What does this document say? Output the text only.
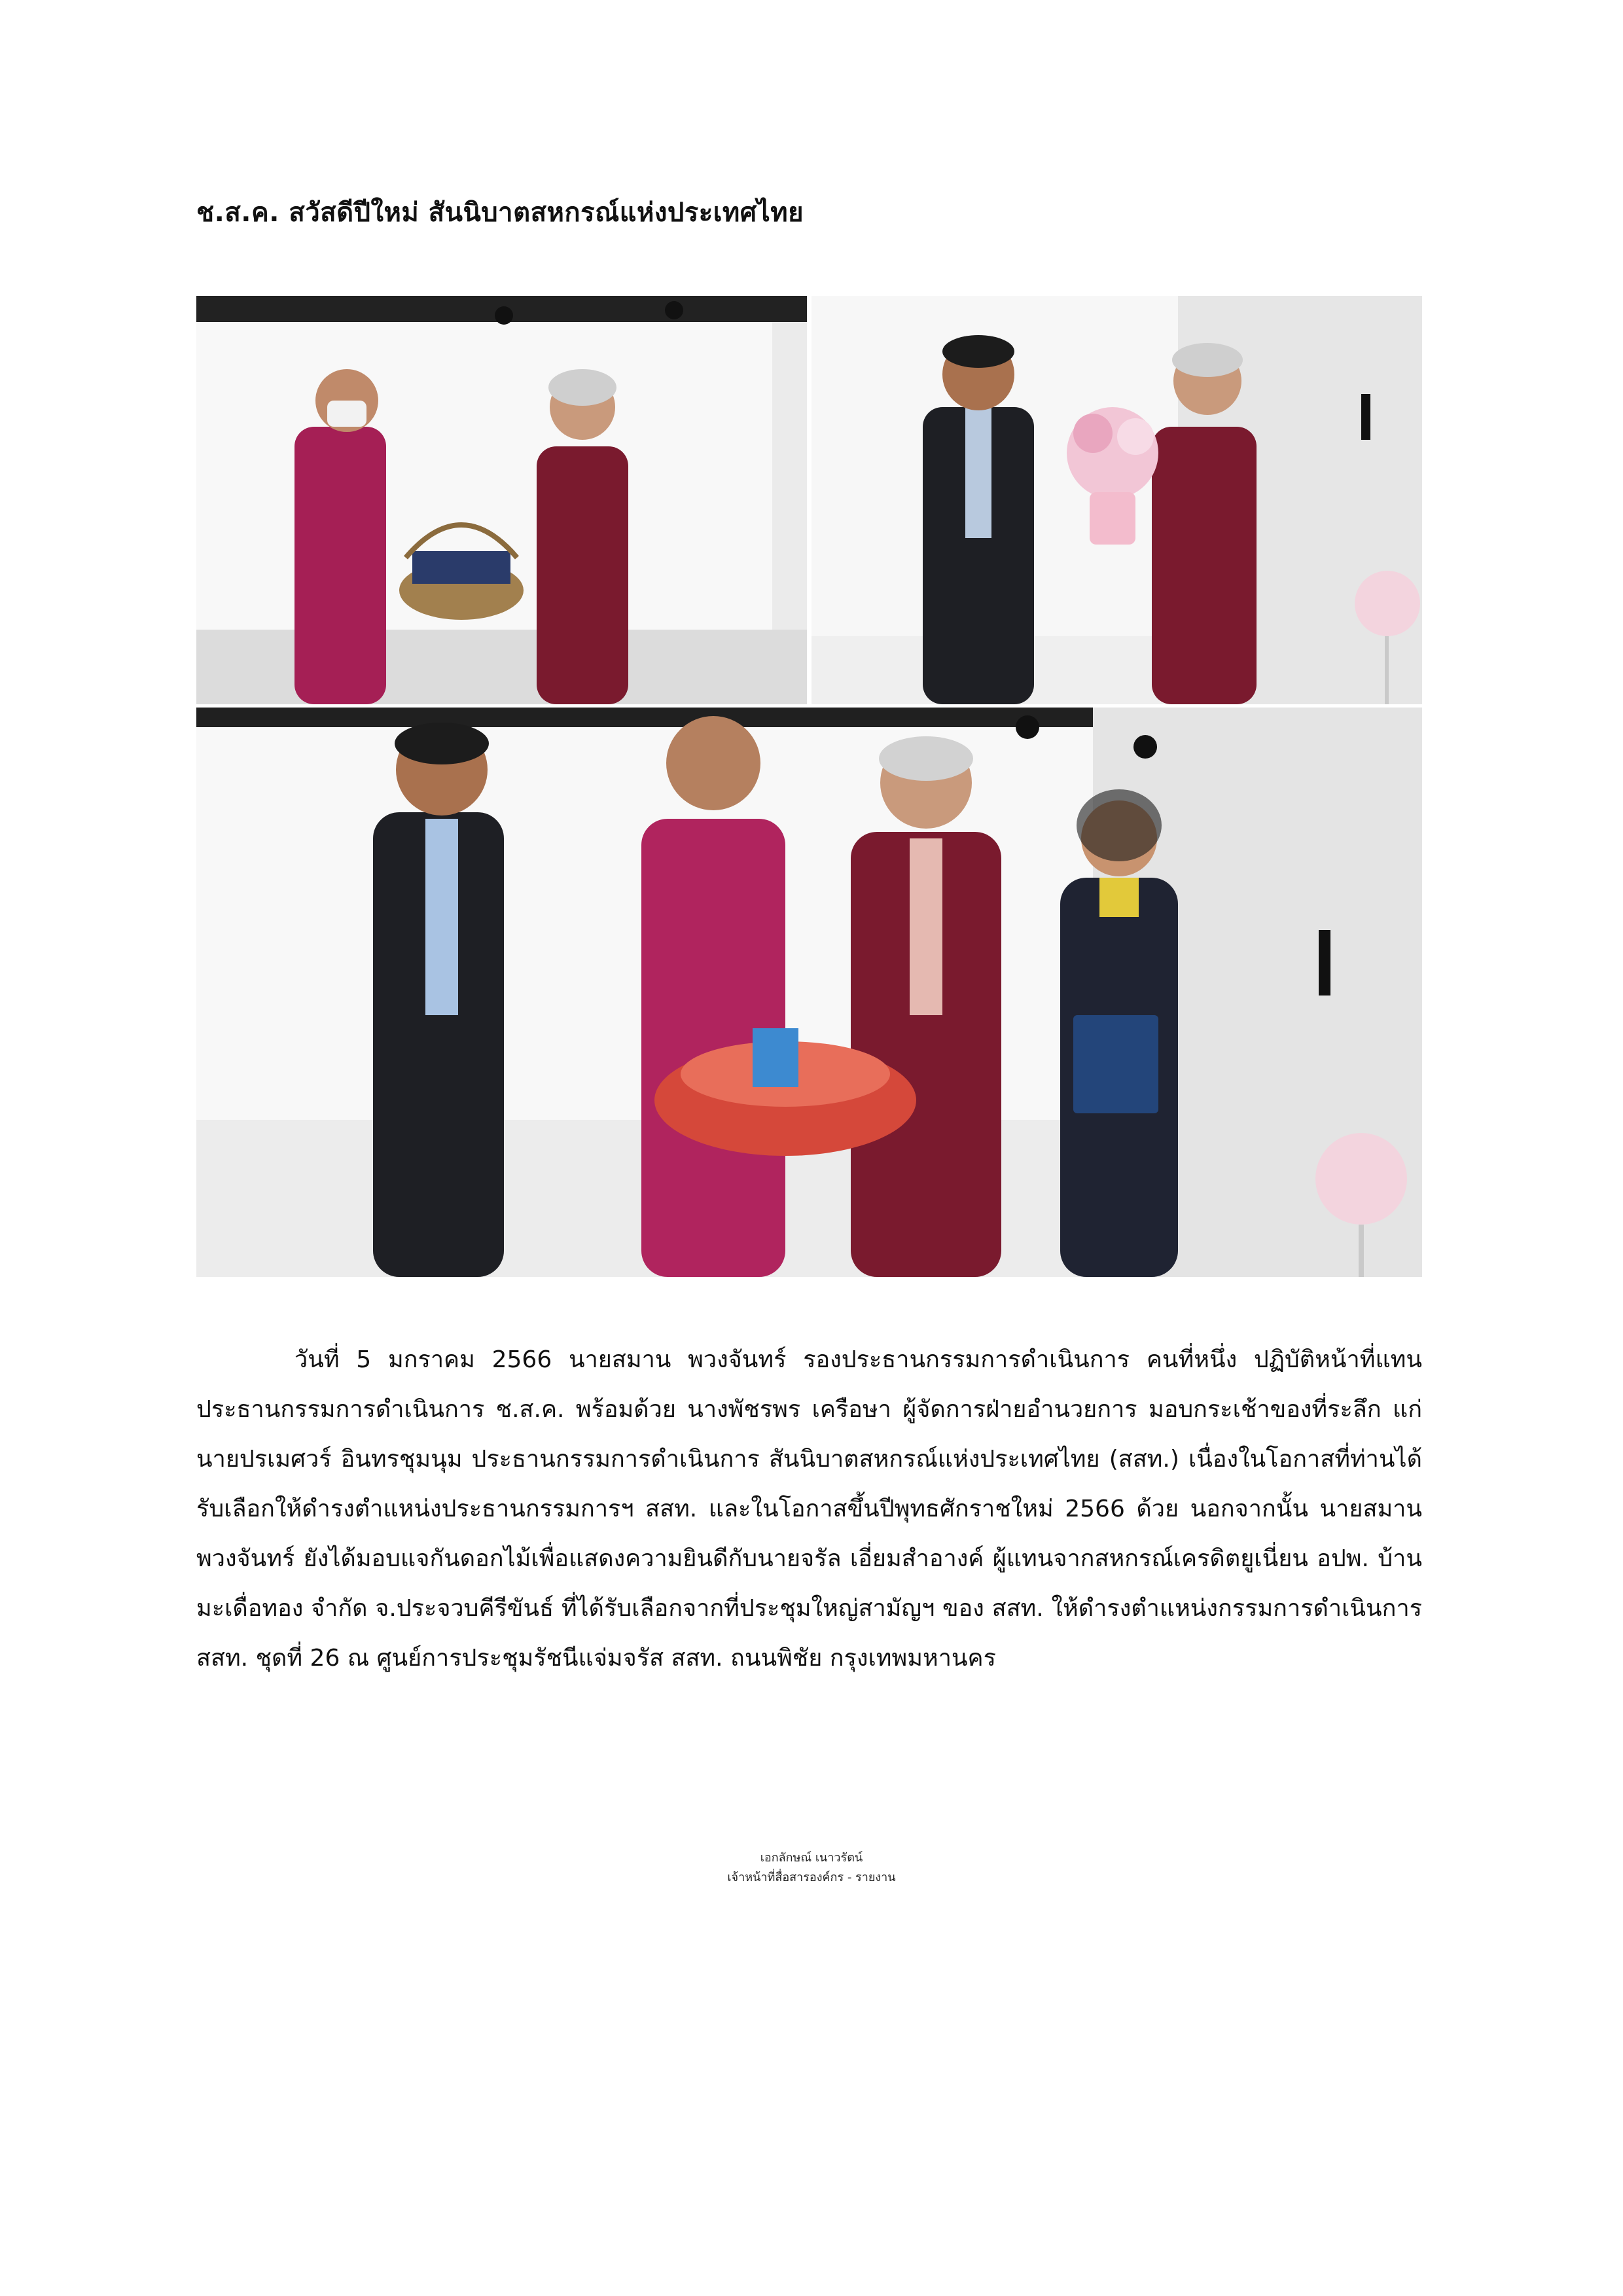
ช.ส.ค. สวัสดีปีใหม่ สันนิบาตสหกรณ์แห่งประเทศไทย

วันที่ 5 มกราคม 2566 นายสมาน พวงจันทร์ รองประธานกรรมการดำเนินการ คนที่หนึ่ง ปฏิบัติหน้าที่แทนประธานกรรมการดำเนินการ ช.ส.ค. พร้อมด้วย นางพัชรพร เครือษา ผู้จัดการฝ่ายอำนวยการ มอบกระเช้าของที่ระลึก แก่นายปรเมศวร์ อินทรชุมนุม ประธานกรรมการดำเนินการ สันนิบาตสหกรณ์แห่งประเทศไทย (สสท.) เนื่องในโอกาสที่ท่านได้รับเลือกให้ดำรงตำแหน่งประธานกรรมการฯ สสท. และในโอกาสขึ้นปีพุทธศักราชใหม่ 2566 ด้วย นอกจากนั้น นายสมาน พวงจันทร์ ยังได้มอบแจกันดอกไม้เพื่อแสดงความยินดีกับนายจรัล เอี่ยมสำอางค์ ผู้แทนจากสหกรณ์เครดิตยูเนี่ยน อปพ. บ้านมะเดื่อทอง จำกัด จ.ประจวบคีรีขันธ์ ที่ได้รับเลือกจากที่ประชุมใหญ่สามัญฯ ของ สสท. ให้ดำรงตำแหน่งกรรมการดำเนินการ สสท. ชุดที่ 26 ณ ศูนย์การประชุมรัชนีแจ่มจรัส สสท. ถนนพิชัย กรุงเทพมหานคร

เอกลักษณ์ เนาวรัตน์
เจ้าหน้าที่สื่อสารองค์กร - รายงาน
